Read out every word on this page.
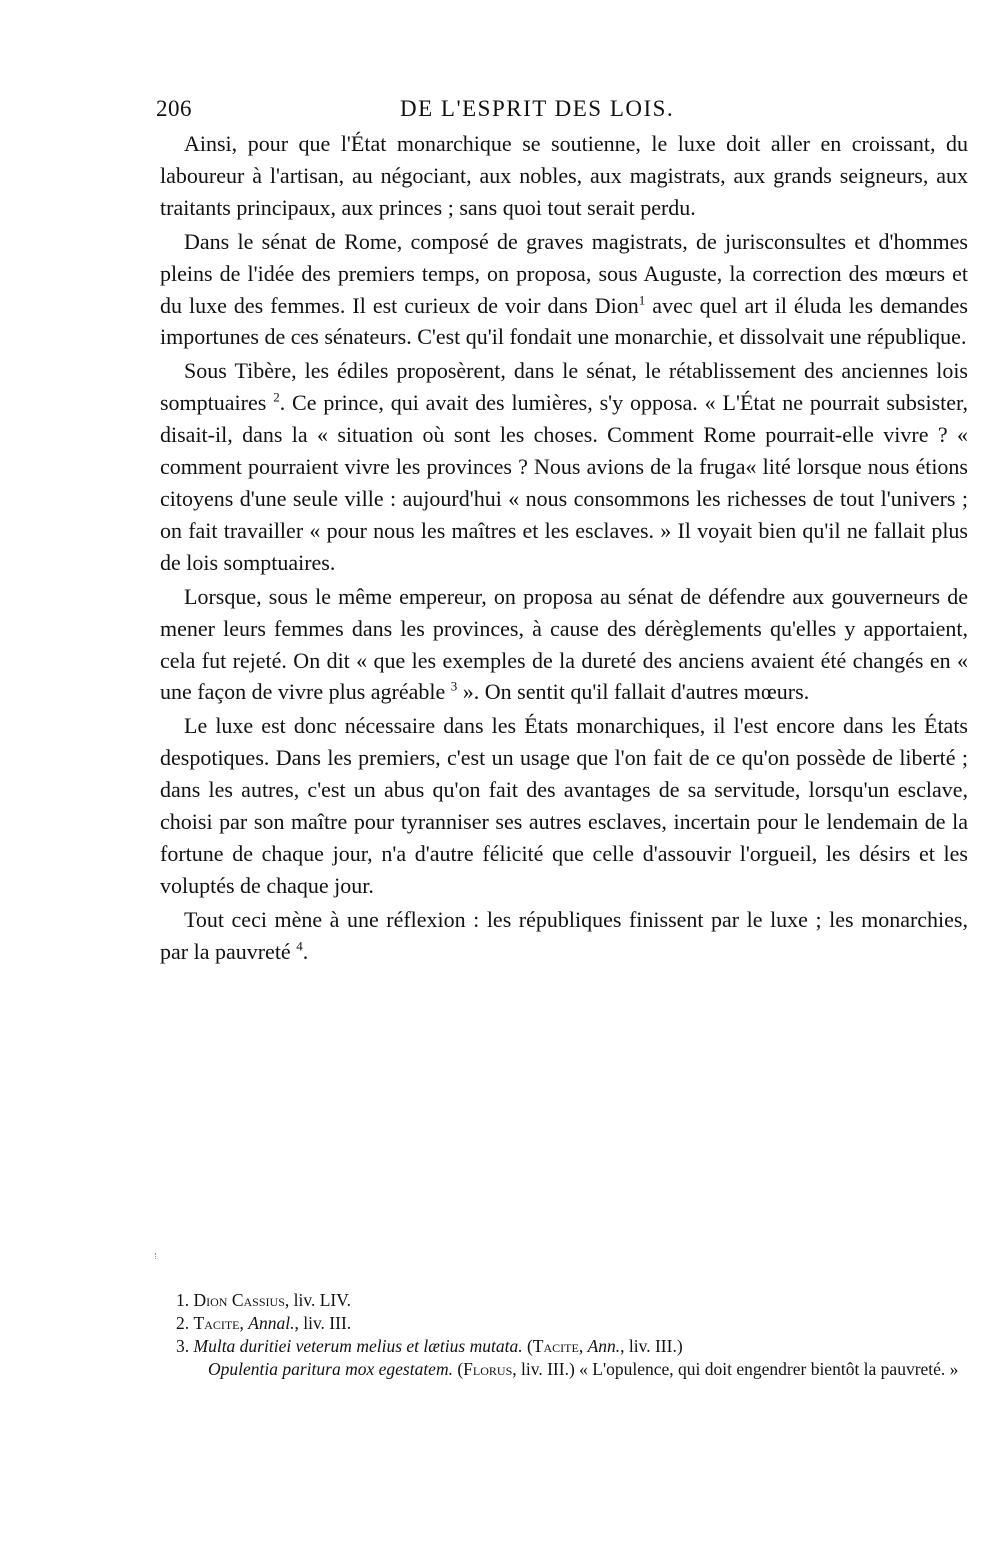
206	DE L'ESPRIT DES LOIS.

Ainsi, pour que l'État monarchique se soutienne, le luxe doit aller en croissant, du laboureur à l'artisan, au négociant, aux nobles, aux magistrats, aux grands seigneurs, aux traitants principaux, aux princes ; sans quoi tout serait perdu.

Dans le sénat de Rome, composé de graves magistrats, de jurisconsultes et d'hommes pleins de l'idée des premiers temps, on proposa, sous Auguste, la correction des mœurs et du luxe des femmes. Il est curieux de voir dans Dion$^1$ avec quel art il éluda les demandes importunes de ces sénateurs. C'est qu'il fondait une monarchie, et dissolvait une république.

Sous Tibère, les édiles proposèrent, dans le sénat, le rétablissement des anciennes lois somptuaires $^2$. Ce prince, qui avait des lumières, s'y opposa. « L'État ne pourrait subsister, disait-il, dans la « situation où sont les choses. Comment Rome pourrait-elle vivre ? « comment pourraient vivre les provinces ? Nous avions de la fruga« lité lorsque nous étions citoyens d'une seule ville : aujourd'hui « nous consommons les richesses de tout l'univers ; on fait travailler « pour nous les maîtres et les esclaves. » Il voyait bien qu'il ne fallait plus de lois somptuaires.

Lorsque, sous le même empereur, on proposa au sénat de défendre aux gouverneurs de mener leurs femmes dans les provinces, à cause des dérèglements qu'elles y apportaient, cela fut rejeté. On dit « que les exemples de la dureté des anciens avaient été changés en « une façon de vivre plus agréable $^3$ ». On sentit qu'il fallait d'autres mœurs.

Le luxe est donc nécessaire dans les États monarchiques, il l'est encore dans les États despotiques. Dans les premiers, c'est un usage que l'on fait de ce qu'on possède de liberté ; dans les autres, c'est un abus qu'on fait des avantages de sa servitude, lorsqu'un esclave, choisi par son maître pour tyranniser ses autres esclaves, incertain pour le lendemain de la fortune de chaque jour, n'a d'autre félicité que celle d'assouvir l'orgueil, les désirs et les voluptés de chaque jour.

Tout ceci mène à une réflexion : les républiques finissent par le luxe ; les monarchies, par la pauvreté $^4$.

1. Dion Cassius, liv. LIV.

2. Tacite, Annal., liv. III.

3. Multa duritiei veterum melius et lætius mutata. (Tacite, Ann., liv. III.)

Opulentia paritura mox egestatem. (Florus, liv. III.) « L'opulence, qui doit engendrer bientôt la pauvreté. »
